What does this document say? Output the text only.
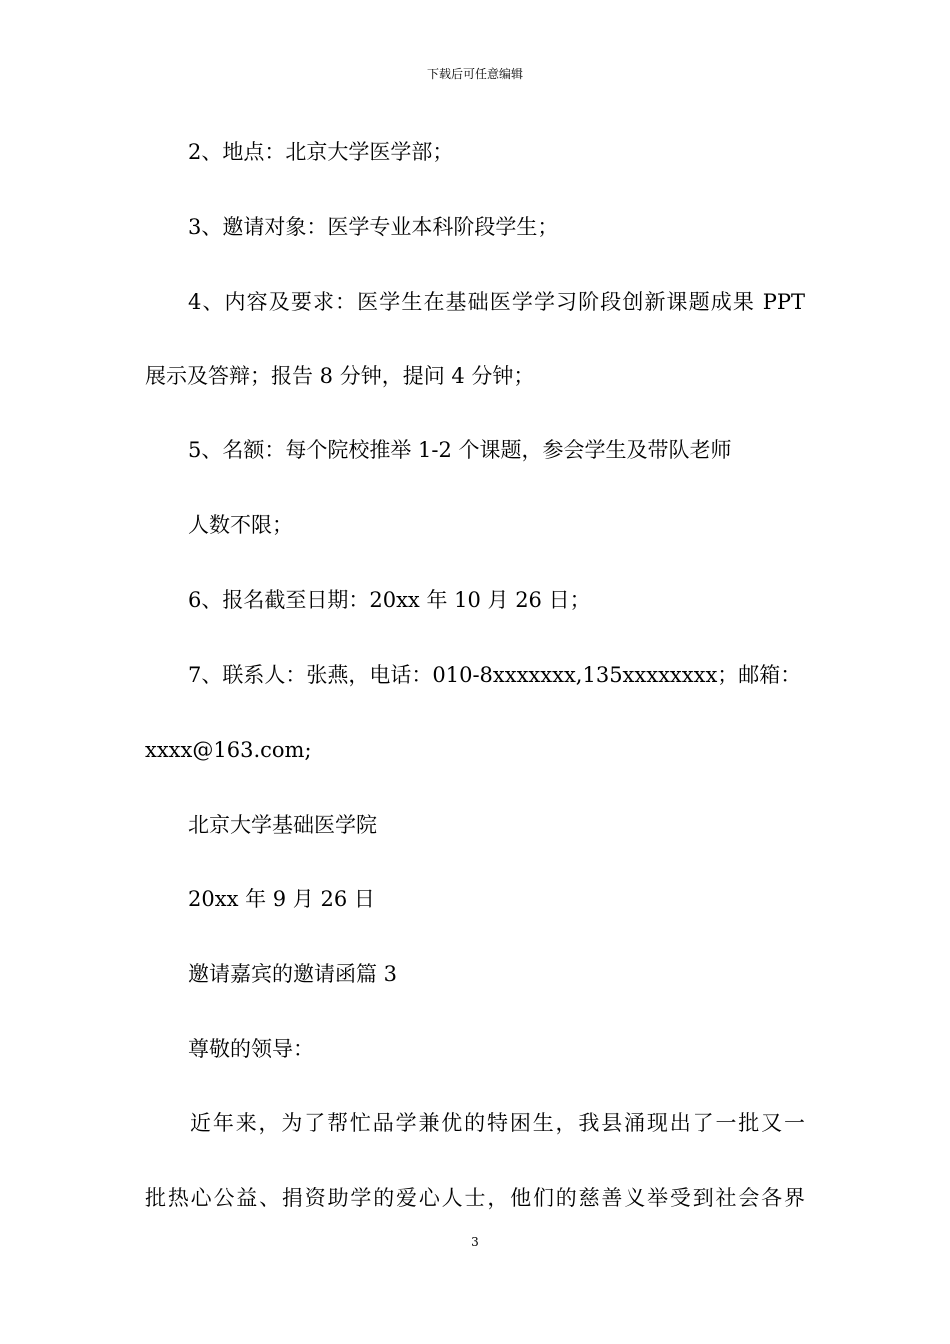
下载后可任意编辑
2、地点：北京大学医学部；
3、邀请对象：医学专业本科阶段学生；
4、内容及要求：医学生在基础医学学习阶段创新课题成果 PPT
展示及答辩；报告 8 分钟，提问 4 分钟；
5、名额：每个院校推举 1-2 个课题，参会学生及带队老师
人数不限；
6、报名截至日期：20xx 年 10 月 26 日；
7、联系人：张燕，电话：010-8xxxxxxx,135xxxxxxxx；邮箱：
xxxx@163.com;
北京大学基础医学院
20xx 年 9 月 26 日
邀请嘉宾的邀请函篇 3
尊敬的领导：
近年来，为了帮忙品学兼优的特困生，我县涌现出了一批又一
批热心公益、捐资助学的爱心人士，他们的慈善义举受到社会各界
3
